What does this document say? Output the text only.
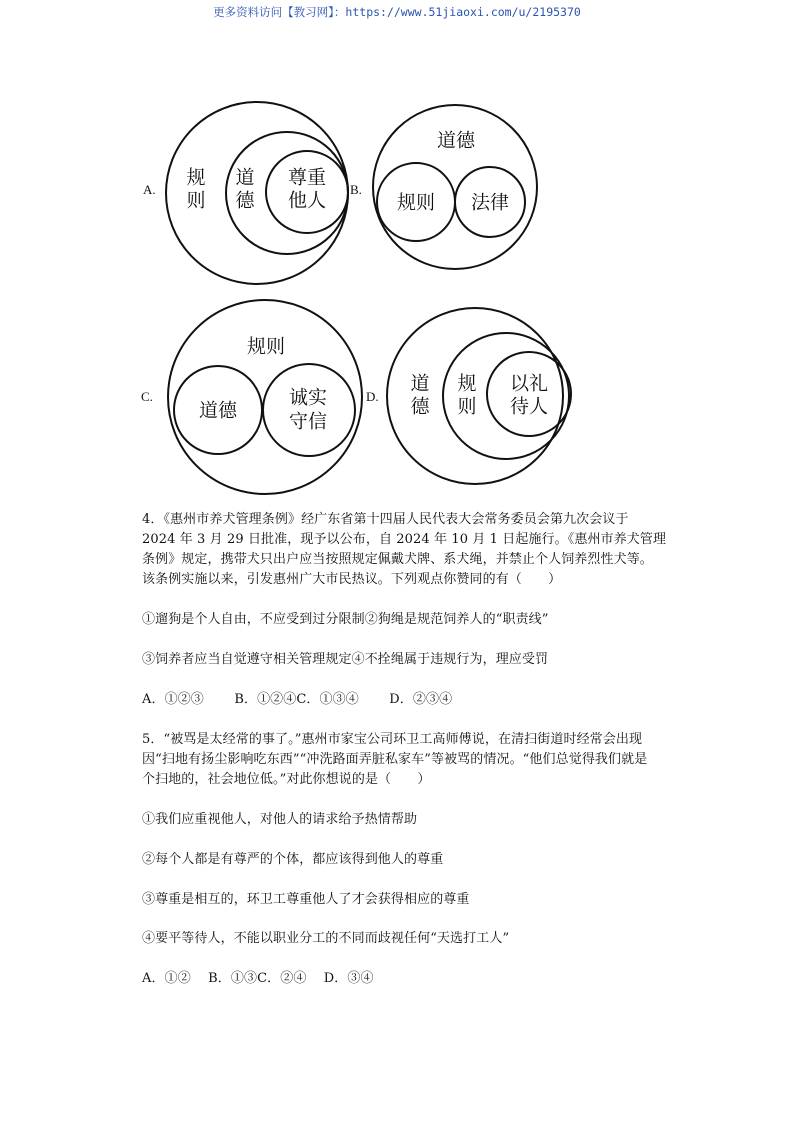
更多资料访问【教习网】：https://www.51jiaoxi.com/u/2195370
A.
规
则
道
德
尊重
他人 B.
道德
规则 法律
C.
规则
道德
诚实
守信
D.
道
德
规
则
以礼
待人
4．《惠州市养犬管理条例》经广东省第十四届人民代表大会常务委员会第九次会议于
2024 年 3 月 29 日批准，现予以公布，自 2024 年 10 月 1 日起施行。《惠州市养犬管理
条例》规定，携带犬只出户应当按照规定佩戴犬牌、系犬绳，并禁止个人饲养烈性犬等。
该条例实施以来，引发惠州广大市民热议。下列观点你赞同的有（　　）
①遛狗是个人自由，不应受到过分限制②狗绳是规范饲养人的“职责线”
③饲养者应当自觉遵守相关管理规定④不拴绳属于违规行为，理应受罚
A．①②③　　 B．①②④C．①③④　　 D．②③④
5．“被骂是太经常的事了。”惠州市家宝公司环卫工高师傅说，在清扫街道时经常会出现
因“扫地有扬尘影响吃东西”“冲洗路面弄脏私家车”等被骂的情况。“他们总觉得我们就是
个扫地的，社会地位低。”对此你想说的是（　　）
①我们应重视他人，对他人的请求给予热情帮助
②每个人都是有尊严的个体，都应该得到他人的尊重
③尊重是相互的，环卫工尊重他人了才会获得相应的尊重
④要平等待人，不能以职业分工的不同而歧视任何“天选打工人”
A．①②　 B．①③C．②④　 D．③④
